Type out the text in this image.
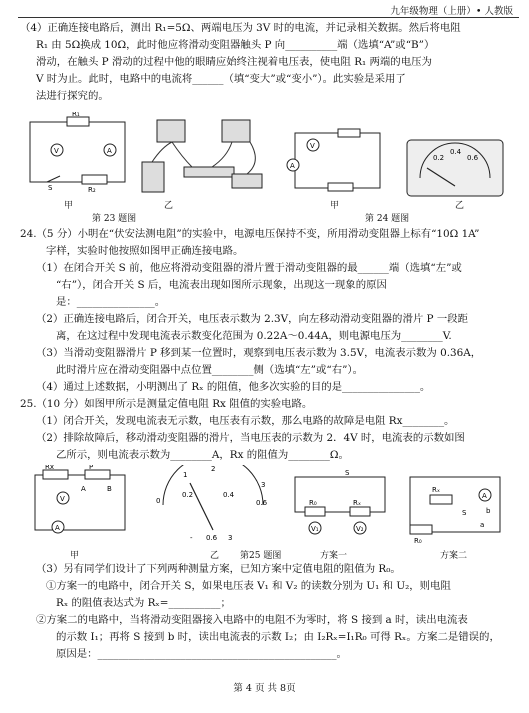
九年级物理（上册）• 人教版
（4）正确连接电路后，测出 R₁=5Ω、两端电压为 3V 时的电流，并记录相关数据。然后将电阻
R₁ 由 5Ω换成 10Ω，此时他应将滑动变阻器触头 P 向__________端（选填“A”或“B”）
滑动，在触头 P 滑动的过程中他的眼睛应始终注视着电压表，使电阻 R₁ 两端的电压为
V 时为止。此时，电路中的电流将______（填“变大”或“变小”）。此实验是采用了
法进行探究的。
R₁
V	A
S	R₂
甲	乙
第 23 题图
V
A
甲
0.2
0.4
0.6
乙
第 24 题图
24.（5 分）小明在“伏安法测电阻”的实验中，电源电压保持不变，所用滑动变阻器上标有“10Ω 1A”
字样，实验时他按照如图甲正确连接电路。
（1）在闭合开关 S 前，他应将滑动变阻器的滑片置于滑动变阻器的最______端（选填“左”或
“右”），闭合开关 S 后，电流表出现如图所示现象，出现这一现象的原因
是：_______________。
（2）正确连接电路后，闭合开关，电压表示数为 2.3V，向左移动滑动变阻器的滑片 P 一段距
离，在这过程中发现电流表示数变化范围为 0.22A～0.44A，则电源电压为________V.
（3）当滑动变阻器滑片 P 移到某一位置时，观察到电压表示数为 3.5V，电流表示数为 0.36A，
此时滑片应在滑动变阻器中点位置________侧（选填“左”或“右”）。
（4）通过上述数据，小明测出了 Rₓ 的阻值，他多次实验的目的是_______________。
25.（10 分）如图甲所示是测量定值电阻 Rx 阻值的实验电路。
（1）闭合开关，发现电流表无示数，电压表有示数，那么电路的故障是电阻 Rx________。
（2）排除故障后，移动滑动变阻器的滑片，当电压表的示数为 2．4V 时，电流表的示数如图
乙所示，则电流表示数为________A，Rx 的阻值为________Ω。
Rx	P
A	B
V
A
甲
1
2
3
0
0.2	0.4
0.6
- 0.6 3
乙 第25 题图
S
R₀	Rₓ
V₁	V₂
方案一
Rₓ
R₀
A
b
a
S
方案二
（3）另有同学们设计了下列两种测量方案，已知方案中定值电阻的阻值为 R₀。
①方案一的电路中，闭合开关 S，如果电压表 V₁ 和 V₂ 的读数分别为 U₁ 和 U₂，则电阻
Rₓ 的阻值表达式为 Rₓ=__________；
②方案二的电路中，当将滑动变阻器接入电路中的电阻不为零时，将 S 接到 a 时，读出电流表
的示数 I₁；再将 S 接到 b 时，读出电流表的示数 I₂；由 I₂Rₓ=I₁R₀ 可得 Rₓ。方案二是错误的，
原因是：______________________________________________。
第 4 页 共 8页
